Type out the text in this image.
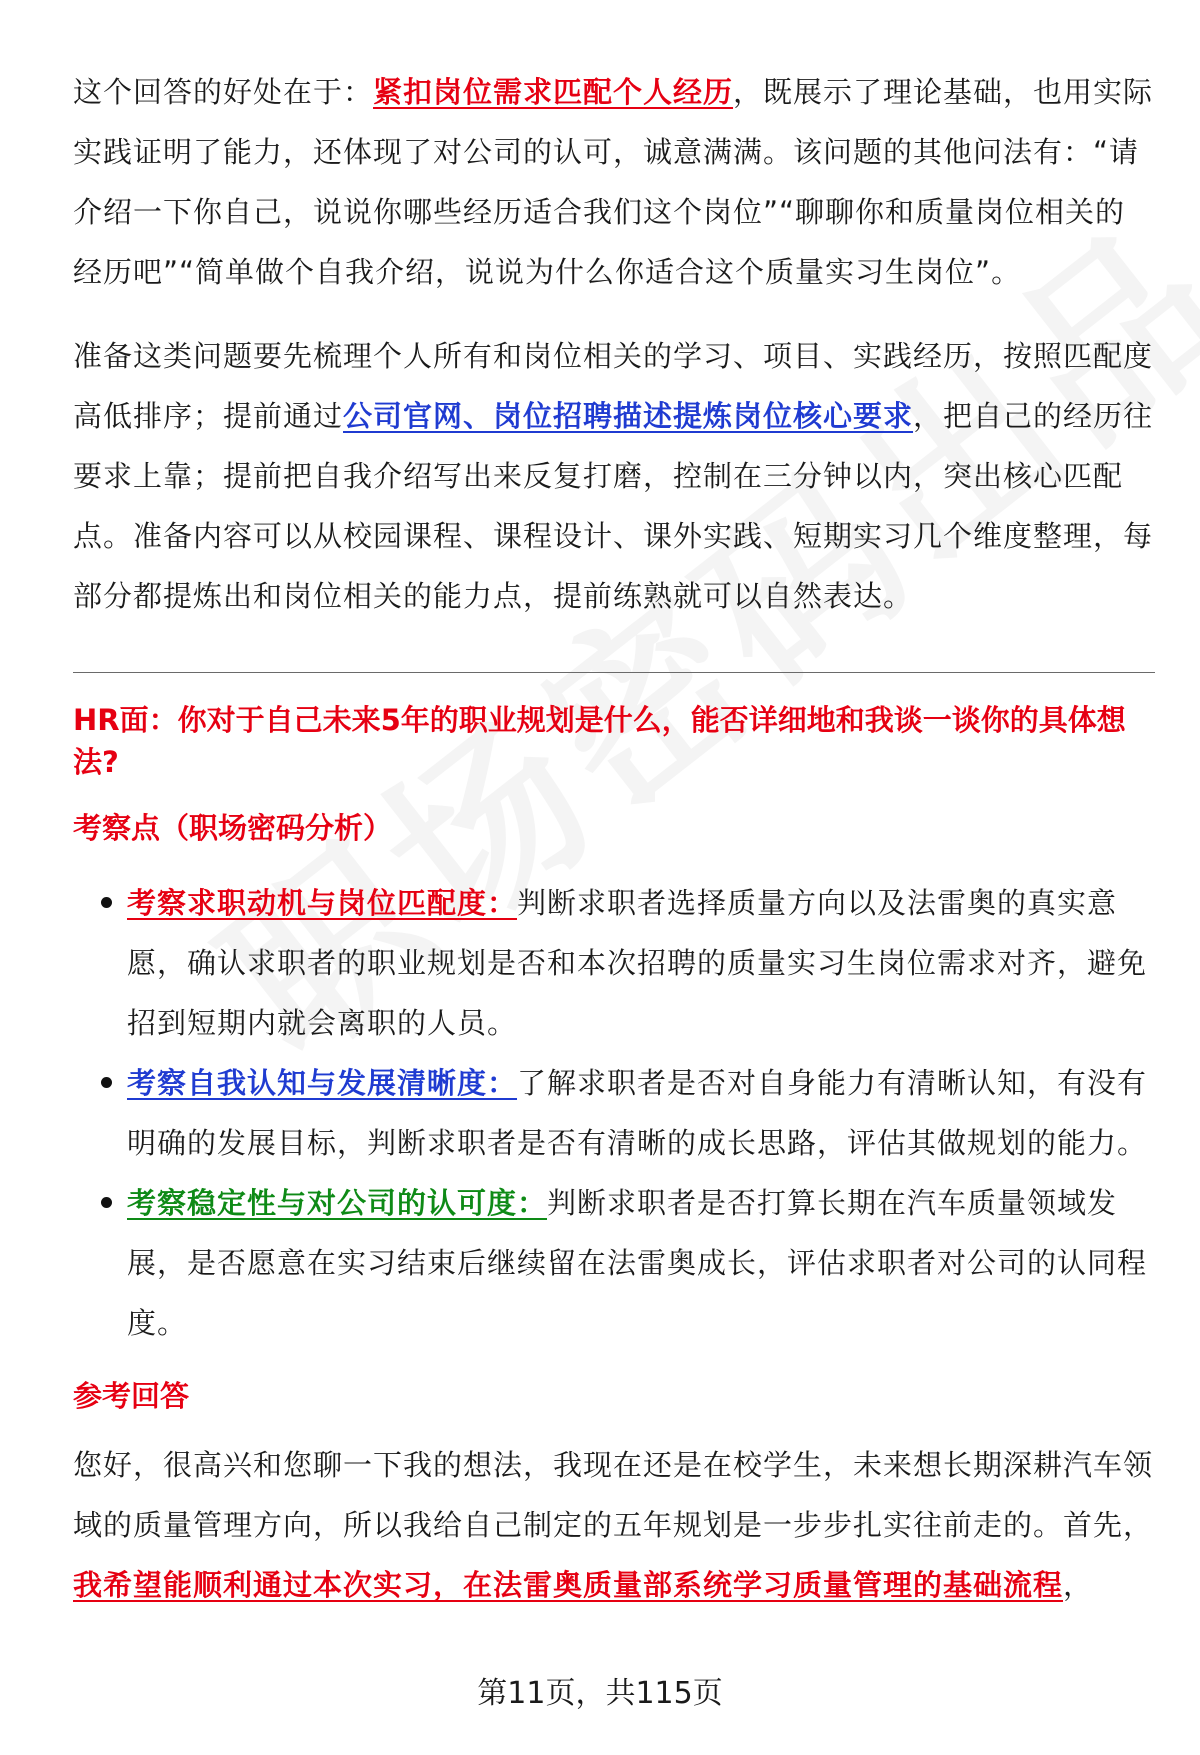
这个回答的好处在于：紧扣岗位需求匹配个人经历，既展示了理论基础，也用实际实践证明了能力，还体现了对公司的认可，诚意满满。该问题的其他问法有：“请介绍一下你自己，说说你哪些经历适合我们这个岗位”“聊聊你和质量岗位相关的经历吧”“简单做个自我介绍，说说为什么你适合这个质量实习生岗位”。

准备这类问题要先梳理个人所有和岗位相关的学习、项目、实践经历，按照匹配度高低排序；提前通过公司官网、岗位招聘描述提炼岗位核心要求，把自己的经历往要求上靠；提前把自我介绍写出来反复打磨，控制在三分钟以内，突出核心匹配点。准备内容可以从校园课程、课程设计、课外实践、短期实习几个维度整理，每部分都提炼出和岗位相关的能力点，提前练熟就可以自然表达。

HR面：你对于自己未来5年的职业规划是什么，能否详细地和我谈一谈你的具体想法?

考察点（职场密码分析）

考察求职动机与岗位匹配度：判断求职者选择质量方向以及法雷奥的真实意愿，确认求职者的职业规划是否和本次招聘的质量实习生岗位需求对齐，避免招到短期内就会离职的人员。
考察自我认知与发展清晰度：了解求职者是否对自身能力有清晰认知，有没有明确的发展目标，判断求职者是否有清晰的成长思路，评估其做规划的能力。
考察稳定性与对公司的认可度：判断求职者是否打算长期在汽车质量领域发展，是否愿意在实习结束后继续留在法雷奥成长，评估求职者对公司的认同程度。

参考回答

您好，很高兴和您聊一下我的想法，我现在还是在校学生，未来想长期深耕汽车领域的质量管理方向，所以我给自己制定的五年规划是一步步扎实往前走的。首先，我希望能顺利通过本次实习，在法雷奥质量部系统学习质量管理的基础流程，

第11页，共115页
